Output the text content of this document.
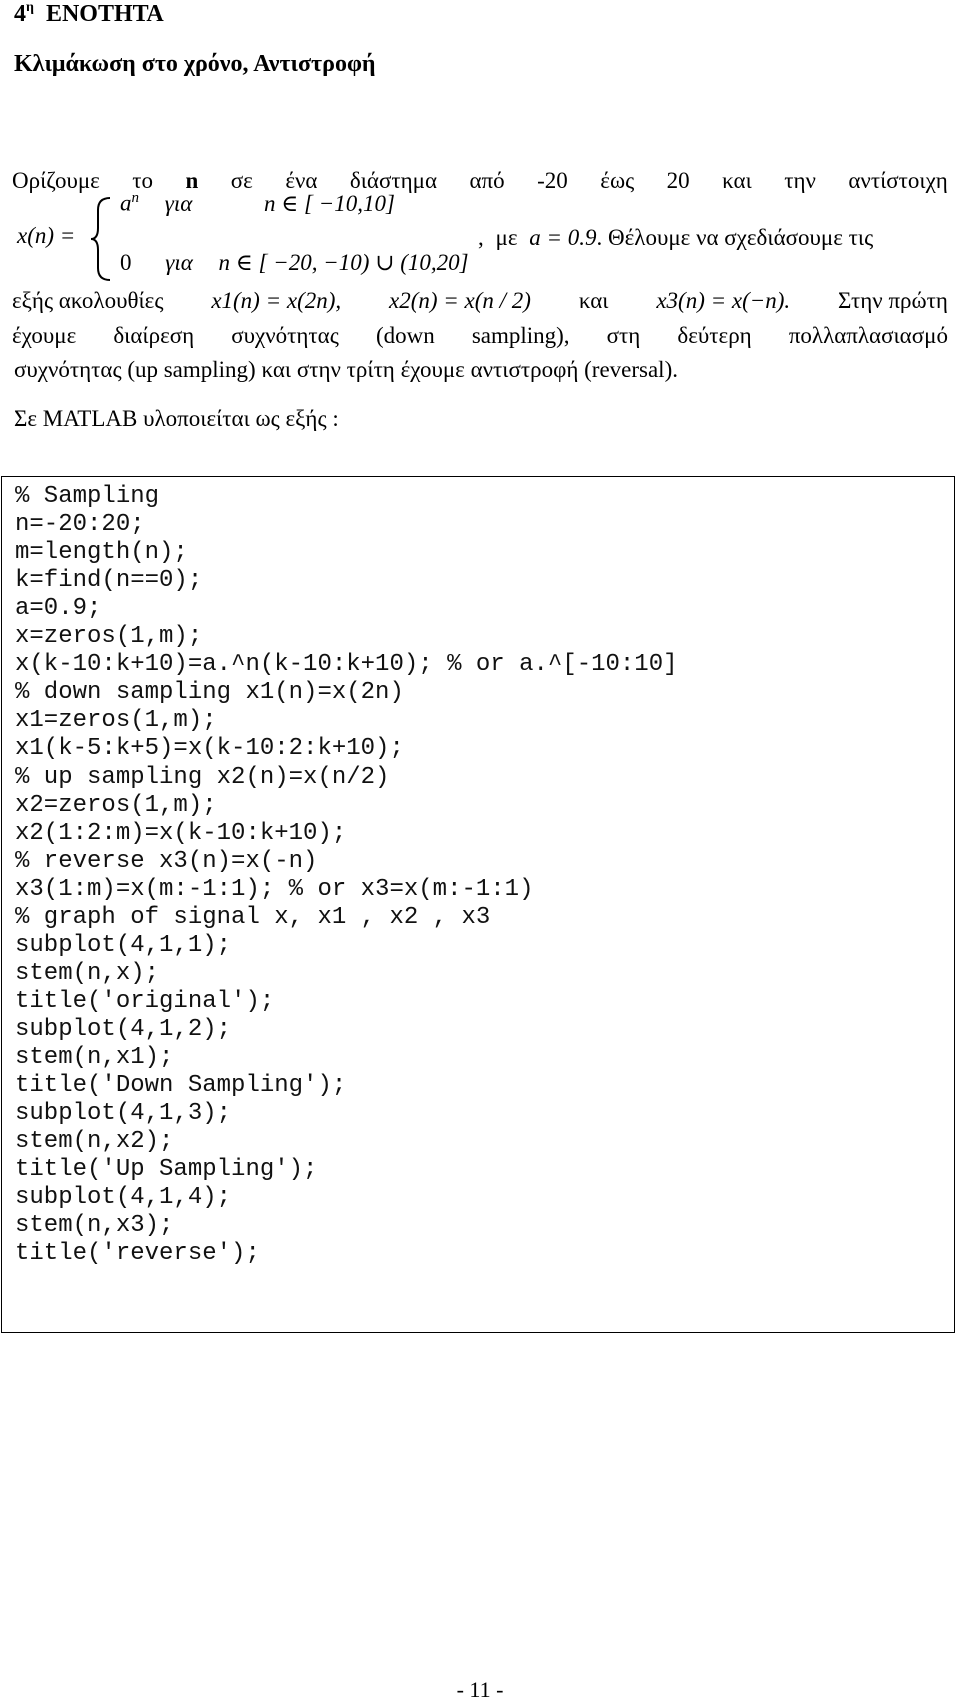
$4^\eta$ ΕΝΟΤΗΤΑ
Κλιμάκωση στο χρόνο, Αντιστροφή
Ορίζουμε το n σε ένα διάστημα από -20 έως 20 και την αντίστοιχη
x(n) =
$a^n$ για	n ∈ [ −10,10]
0 για n ∈ [ −20, −10) ∪ (10,20]
, με a = 0.9. Θέλουμε να σχεδιάσουμε τις
εξής ακολουθίες x1(n) = x(2n), x2(n) = x(n / 2) και x3(n) = x(−n). Στην πρώτη
έχουμε διαίρεση συχνότητας (down sampling), στη δεύτερη πολλαπλασιασμό
συχνότητας (up sampling) και στην τρίτη έχουμε αντιστροφή (reversal).
Σε MATLAB υλοποιείται ως εξής :
% Sampling
n=-20:20;
m=length(n);
k=find(n==0);
a=0.9;
x=zeros(1,m);
x(k-10:k+10)=a.^n(k-10:k+10); % or a.^[-10:10]
% down sampling x1(n)=x(2n)
x1=zeros(1,m);
x1(k-5:k+5)=x(k-10:2:k+10);
% up sampling x2(n)=x(n/2)
x2=zeros(1,m);
x2(1:2:m)=x(k-10:k+10);
% reverse x3(n)=x(-n)
x3(1:m)=x(m:-1:1); % or x3=x(m:-1:1)
% graph of signal x, x1 , x2 , x3
subplot(4,1,1);
stem(n,x);
title('original');
subplot(4,1,2);
stem(n,x1);
title('Down Sampling');
subplot(4,1,3);
stem(n,x2);
title('Up Sampling');
subplot(4,1,4);
stem(n,x3);
title('reverse');
- 11 -
